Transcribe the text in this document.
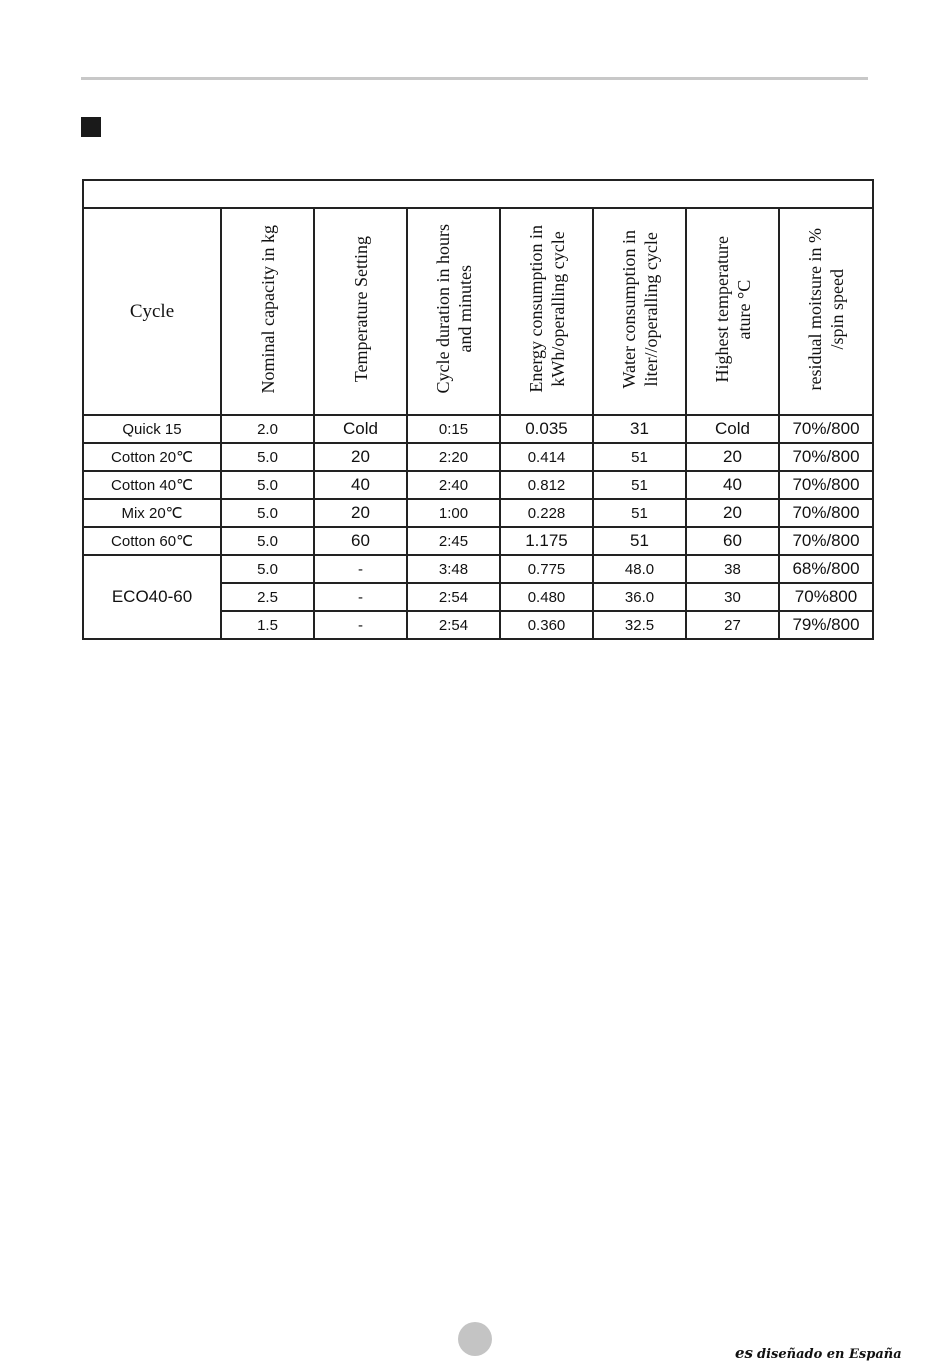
Cycle	Nominal capacity in kg	Temperature Setting	Cycle duration in hours and minutes	Energy consumption in kWh/operalling cycle	Water consumption in liter//operalling cycle	Highest temperature ature °C	residual moitsure in % /spin speed
Quick 15	2.0	Cold	0:15	0.035	31	Cold	70%/800
Cotton 20℃	5.0	20	2:20	0.414	51	20	70%/800
Cotton 40℃	5.0	40	2:40	0.812	51	40	70%/800
Mix 20℃	5.0	20	1:00	0.228	51	20	70%/800
Cotton 60℃	5.0	60	2:45	1.175	51	60	70%/800
ECO40-60	5.0	-	3:48	0.775	48.0	38	68%/800
	2.5	-	2:54	0.480	36.0	30	70%800
	1.5	-	2:54	0.360	32.5	27	79%/800
es diseñado en España
